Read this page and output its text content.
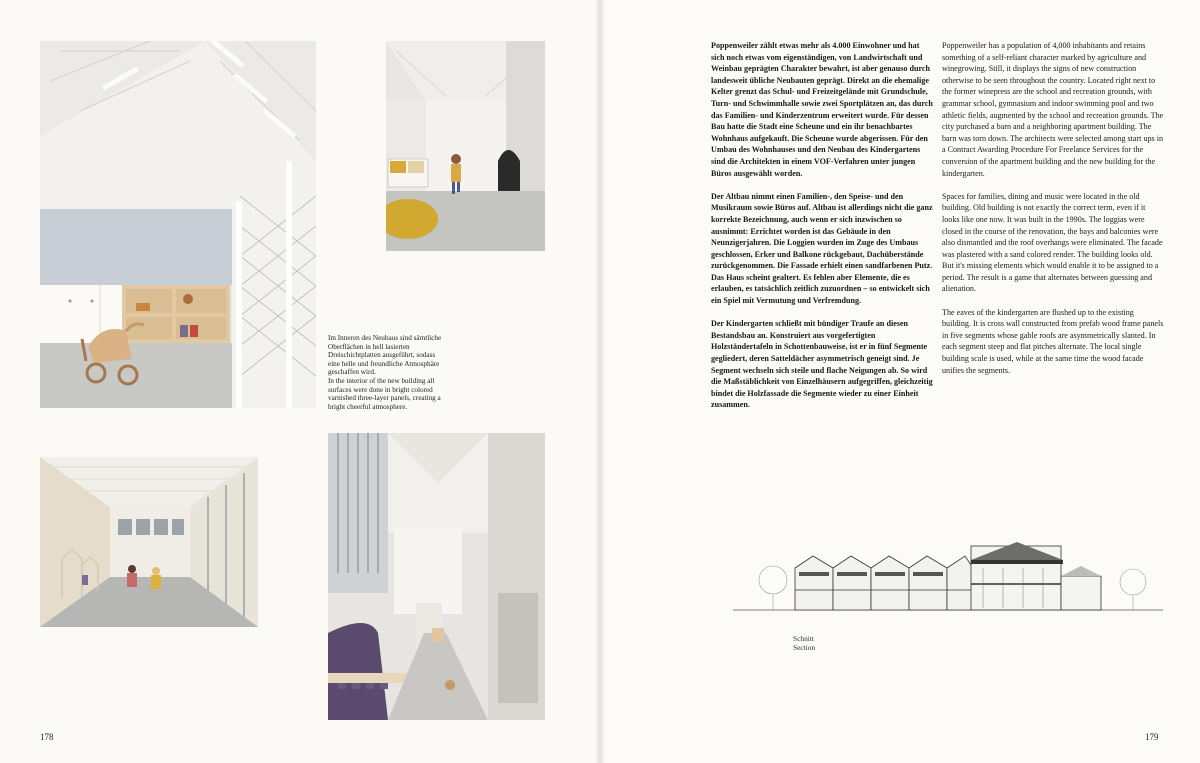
Im Inneren des Neubaus sind sämtliche Oberflächen in hell lasierten Dreischichtplatten ausgeführt, sodass eine helle und freundliche Atmosphäre geschaffen wird.

In the interior of the new building all surfaces were done in bright colored varnished three-layer panels, creating a bright cheerful atmosphere.

178	179

Poppenweiler zählt etwas mehr als 4.000 Einwohner und hat sich noch etwas vom eigenständigen, von Landwirtschaft und Weinbau geprägten Charakter bewahrt, ist aber genauso durch landesweit übliche Neubauten geprägt. Direkt an die ehemalige Kelter grenzt das Schul- und Freizeitgelände mit Grundschule, Turn- und Schwimmhalle sowie zwei Sportplätzen an, das durch das Familien- und Kinderzentrum erweitert wurde. Für dessen Bau hatte die Stadt eine Scheune und ein ihr benachbartes Wohnhaus aufgekauft. Die Scheune wurde abgerissen. Für den Umbau des Wohnhauses und den Neubau des Kindergartens sind die Architekten in einem VOF-Verfahren unter jungen Büros ausgewählt worden.

Der Altbau nimmt einen Familien-, den Speise- und den Musikraum sowie Büros auf. Altbau ist allerdings nicht die ganz korrekte Bezeichnung, auch wenn er sich inzwischen so ausnimmt: Errichtet worden ist das Gebäude in den Neunzigerjahren. Die Loggien wurden im Zuge des Umbaus geschlossen, Erker und Balkone rückgebaut, Dachüberstände zurückgenommen. Die Fassade erhielt einen sandfarbenen Putz. Das Haus scheint gealtert. Es fehlen aber Elemente, die es erlauben, es tatsächlich zeitlich zuzuordnen – so entwickelt sich ein Spiel mit Vermutung und Verfremdung.

Der Kindergarten schließt mit bündiger Traufe an diesen Bestandsbau an. Konstruiert aus vorgefertigten Holzständertafeln in Schottenbauweise, ist er in fünf Segmente gegliedert, deren Satteldächer asymmetrisch geneigt sind. Je Segment wechseln sich steile und flache Neigungen ab. So wird die Maßstäblichkeit von Einzelhäusern aufgegriffen, gleichzeitig bindet die Holzfassade die Segmente wieder zu einer Einheit zusammen.

Poppenweiler has a population of 4,000 inhabitants and retains something of a self-reliant character marked by agriculture and winegrowing. Still, it displays the signs of new construction otherwise to be seen throughout the country. Located right next to the former winepress are the school and recreation grounds, with grammar school, gymnasium and indoor swimming pool and two athletic fields, augmented by the school and recreation grounds. The city purchased a barn and a neighboring apartment building. The barn was torn down. The architects were selected among start ups in a Contract Awarding Procedure For Freelance Services for the conversion of the apartment building and the new building for the kindergarten.

Spaces for families, dining and music were located in the old building. Old building is not exactly the correct term, even if it looks like one now. It was built in the 1990s. The loggias were closed in the course of the renovation, the bays and balconies were also dismantled and the roof overhangs were eliminated. The facade was plastered with a sand colored render. The building looks old. But it's missing elements which would enable it to be assigned to a period. The result is a game that alternates between guessing and alienation.

The eaves of the kindergarten are flushed up to the existing building. It is cross wall constructed from prefab wood frame panels in five segments whose gable roofs are asymmetrically slanted. In each segment steep and flat pitches alternate. The local single building scale is used, while at the same time the wood facade unifies the segments.

Schnitt
Section
